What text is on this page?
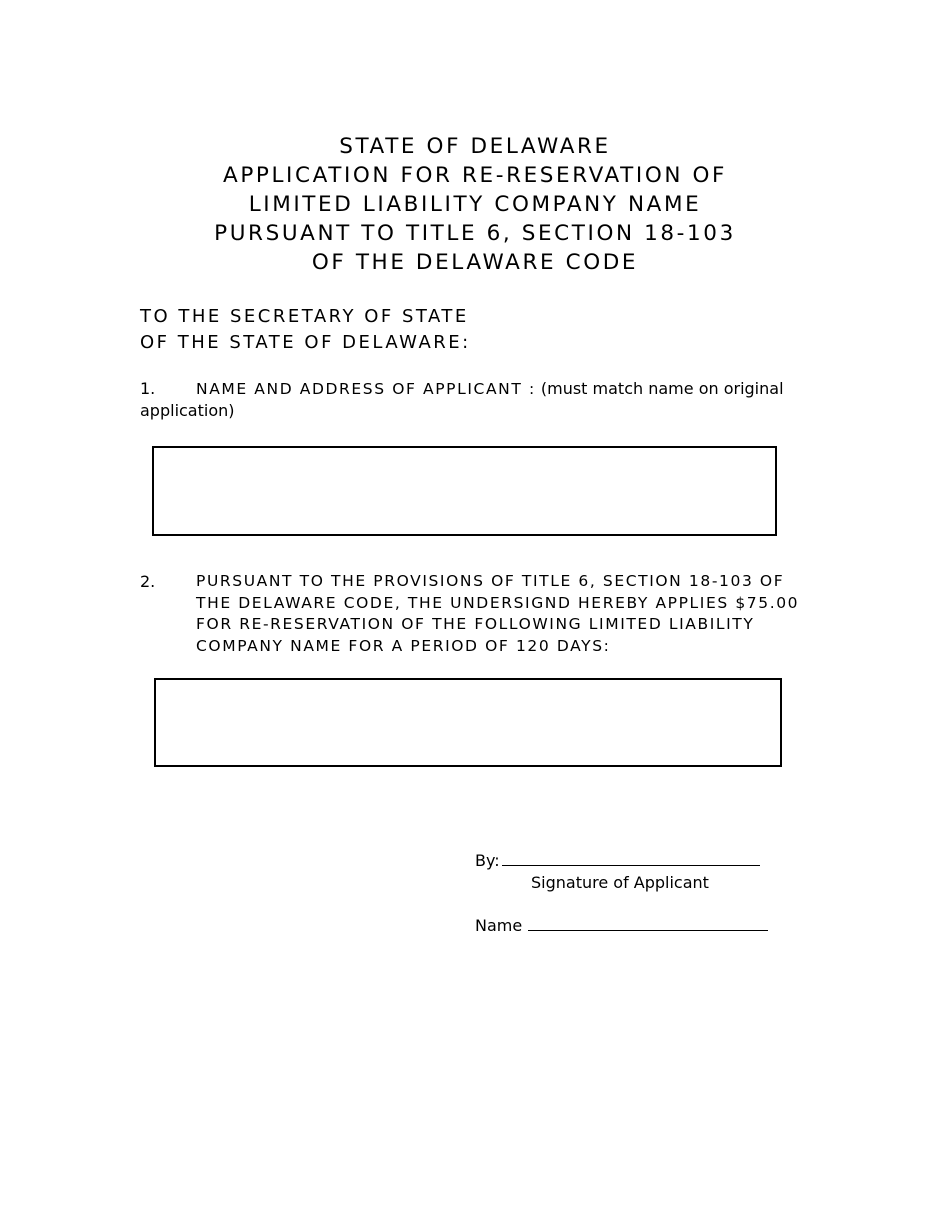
STATE OF DELAWARE
APPLICATION FOR RE-RESERVATION OF
LIMITED LIABILITY COMPANY NAME
PURSUANT TO TITLE 6, SECTION 18-103
OF THE DELAWARE CODE
TO THE SECRETARY OF STATE
OF THE STATE OF DELAWARE:
1.	NAME AND ADDRESS OF APPLICANT : (must match name on original
application)
2.	PURSUANT TO THE PROVISIONS OF TITLE 6, SECTION 18-103 OF THE DELAWARE CODE, THE UNDERSIGND HEREBY APPLIES $75.00 FOR RE-RESERVATION OF THE FOLLOWING LIMITED LIABILITY COMPANY NAME FOR A PERIOD OF 120 DAYS:
By:
Signature of Applicant
Name
